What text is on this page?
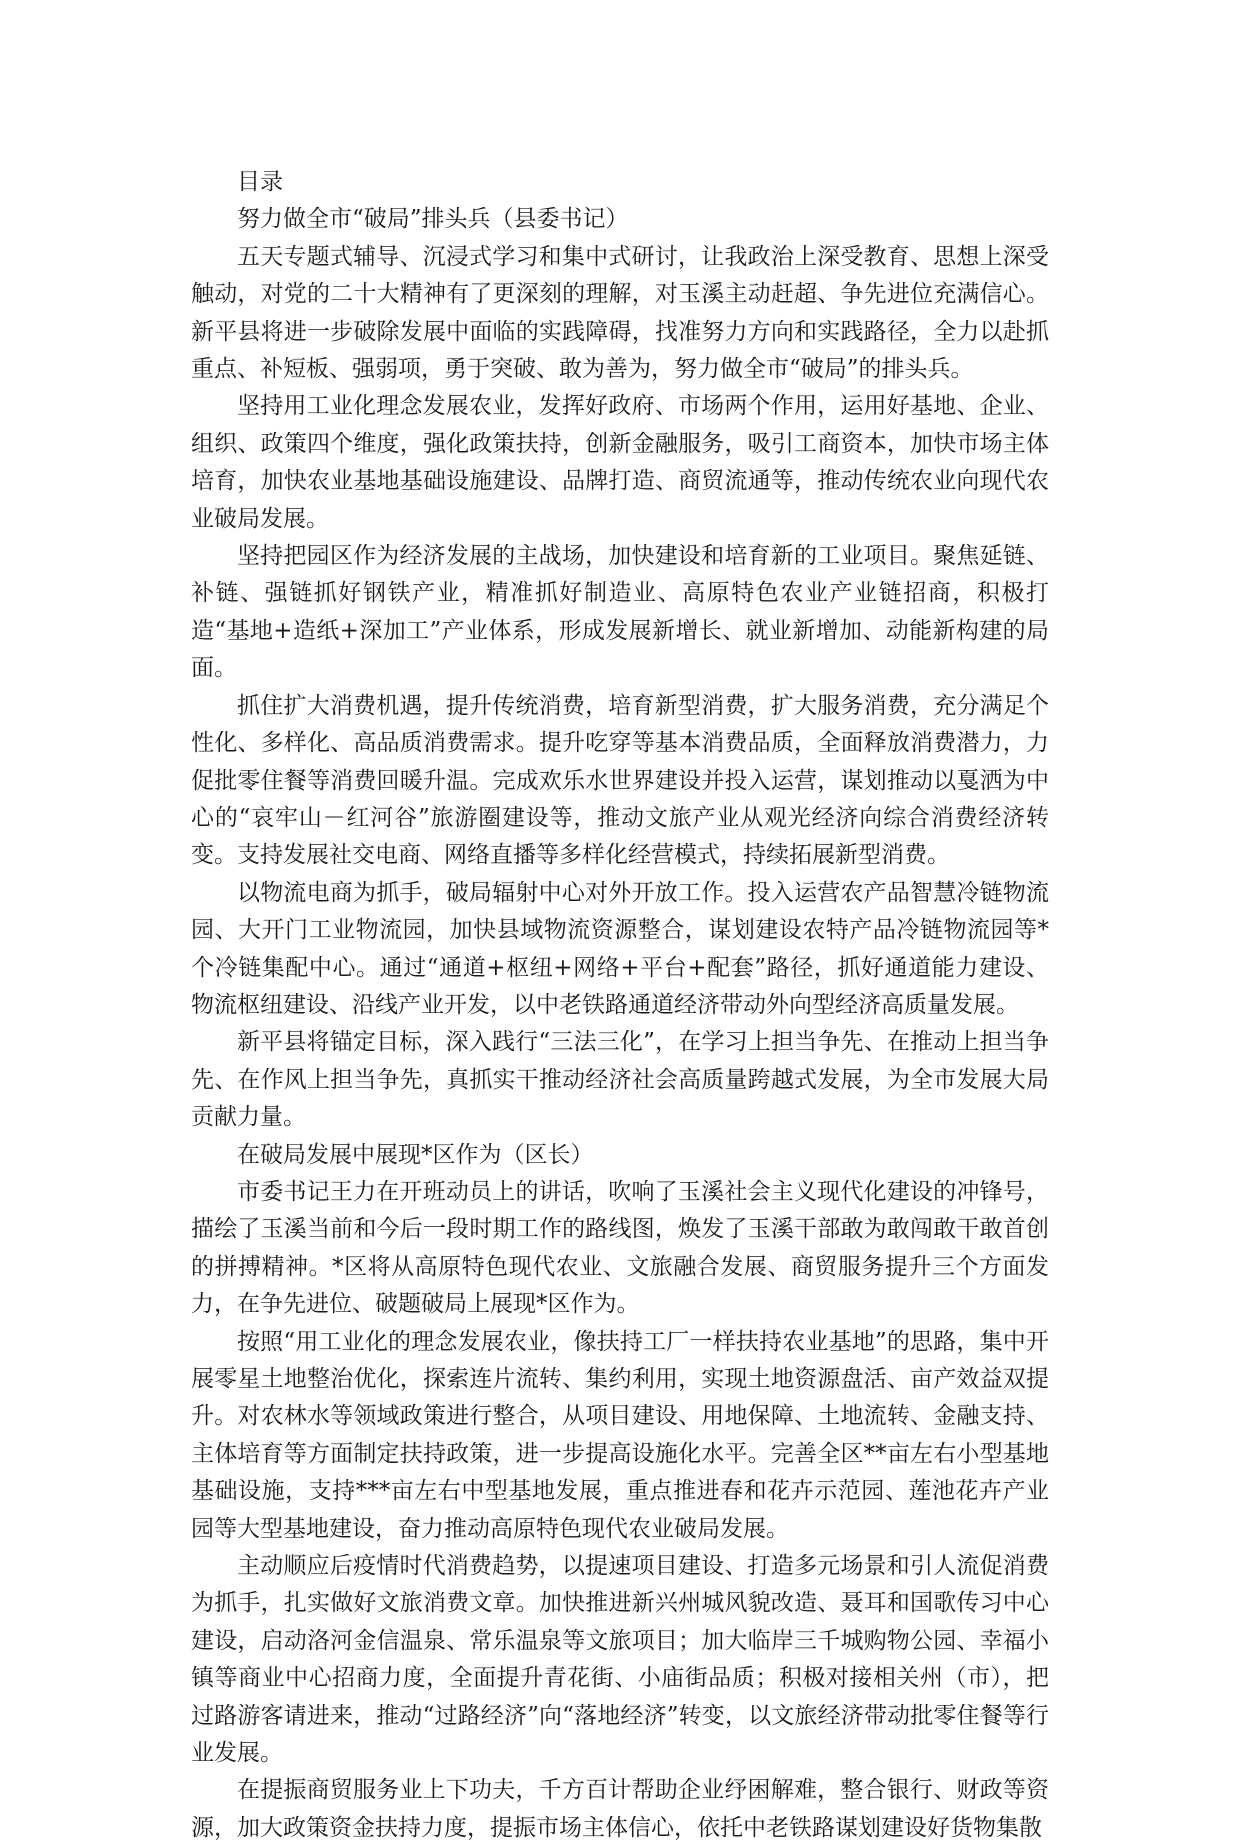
目录

努力做全市“破局”排头兵（县委书记）

五天专题式辅导、沉浸式学习和集中式研讨，让我政治上深受教育、思想上深受触动，对党的二十大精神有了更深刻的理解，对玉溪主动赶超、争先进位充满信心。新平县将进一步破除发展中面临的实践障碍，找准努力方向和实践路径，全力以赴抓重点、补短板、强弱项，勇于突破、敢为善为，努力做全市“破局”的排头兵。

坚持用工业化理念发展农业，发挥好政府、市场两个作用，运用好基地、企业、组织、政策四个维度，强化政策扶持，创新金融服务，吸引工商资本，加快市场主体培育，加快农业基地基础设施建设、品牌打造、商贸流通等，推动传统农业向现代农业破局发展。

坚持把园区作为经济发展的主战场，加快建设和培育新的工业项目。聚焦延链、补链、强链抓好钢铁产业，精准抓好制造业、高原特色农业产业链招商，积极打造“基地+造纸+深加工”产业体系，形成发展新增长、就业新增加、动能新构建的局面。

抓住扩大消费机遇，提升传统消费，培育新型消费，扩大服务消费，充分满足个性化、多样化、高品质消费需求。提升吃穿等基本消费品质，全面释放消费潜力，力促批零住餐等消费回暖升温。完成欢乐水世界建设并投入运营，谋划推动以戛洒为中心的“哀牢山－红河谷”旅游圈建设等，推动文旅产业从观光经济向综合消费经济转变。支持发展社交电商、网络直播等多样化经营模式，持续拓展新型消费。

以物流电商为抓手，破局辐射中心对外开放工作。投入运营农产品智慧冷链物流园、大开门工业物流园，加快县域物流资源整合，谋划建设农特产品冷链物流园等*个冷链集配中心。通过“通道+枢纽+网络+平台+配套”路径，抓好通道能力建设、物流枢纽建设、沿线产业开发，以中老铁路通道经济带动外向型经济高质量发展。

新平县将锚定目标，深入践行“三法三化”，在学习上担当争先、在推动上担当争先、在作风上担当争先，真抓实干推动经济社会高质量跨越式发展，为全市发展大局贡献力量。

在破局发展中展现*区作为（区长）

市委书记王力在开班动员上的讲话，吹响了玉溪社会主义现代化建设的冲锋号，描绘了玉溪当前和今后一段时期工作的路线图，焕发了玉溪干部敢为敢闯敢干敢首创的拼搏精神。*区将从高原特色现代农业、文旅融合发展、商贸服务提升三个方面发力，在争先进位、破题破局上展现*区作为。

按照“用工业化的理念发展农业，像扶持工厂一样扶持农业基地”的思路，集中开展零星土地整治优化，探索连片流转、集约利用，实现土地资源盘活、亩产效益双提升。对农林水等领域政策进行整合，从项目建设、用地保障、土地流转、金融支持、主体培育等方面制定扶持政策，进一步提高设施化水平。完善全区**亩左右小型基地基础设施，支持***亩左右中型基地发展，重点推进春和花卉示范园、莲池花卉产业园等大型基地建设，奋力推动高原特色现代农业破局发展。

主动顺应后疫情时代消费趋势，以提速项目建设、打造多元场景和引人流促消费为抓手，扎实做好文旅消费文章。加快推进新兴州城风貌改造、聂耳和国歌传习中心建设，启动洛河金信温泉、常乐温泉等文旅项目；加大临岸三千城购物公园、幸福小镇等商业中心招商力度，全面提升青花街、小庙街品质；积极对接相关州（市），把过路游客请进来，推动“过路经济”向“落地经济”转变，以文旅经济带动批零住餐等行业发展。

在提振商贸服务业上下功夫，千方百计帮助企业纾困解难，整合银行、财政等资源，加大政策资金扶持力度，提振市场主体信心，依托中老铁路谋划建设好货物集散
